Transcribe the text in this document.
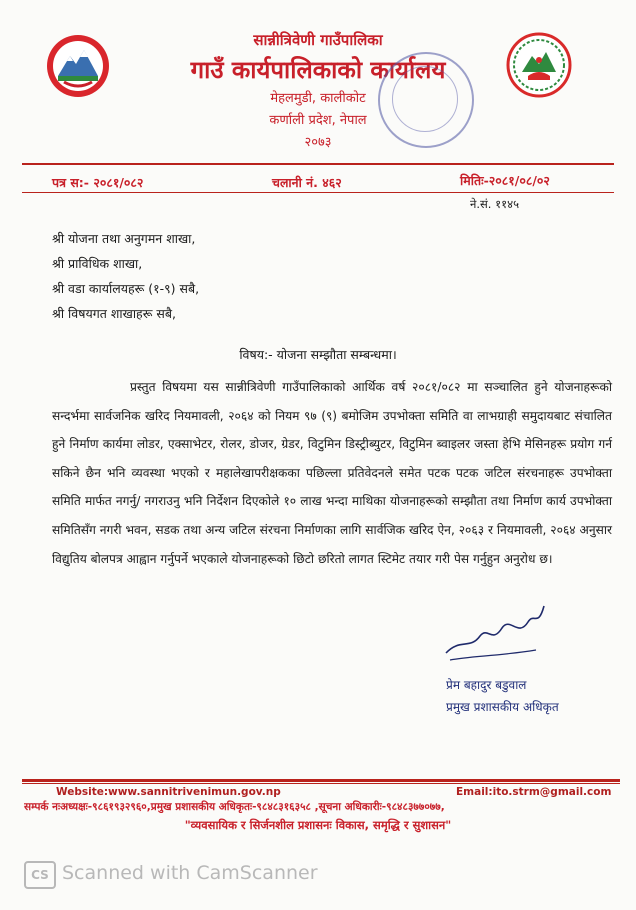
सान्नीत्रिवेणी गाउँपालिका
गाउँ कार्यपालिकाको कार्यालय
मेहलमुडी, कालीकोट
कर्णाली प्रदेश, नेपाल
२०७३
पत्र स:- २०८१/०८२	चलानी नं. ४६२	मितिः-२०८१/०८/०२
ने.सं. ११४५
श्री योजना तथा अनुगमन शाखा,
श्री प्राविधिक शाखा,
श्री वडा कार्यालयहरू (१-९) सबै,
श्री विषयगत शाखाहरू सबै,
विषय:- योजना सम्झौता सम्बन्धमा।
प्रस्तुत विषयमा यस सान्नीत्रिवेणी गाउँपालिकाको आर्थिक वर्ष २०८१/०८२ मा सञ्चालित हुने योजनाहरूको सन्दर्भमा सार्वजनिक खरिद नियमावली, २०६४ को नियम ९७ (९) बमोजिम उपभोक्ता समिति वा लाभग्राही समुदायबाट संचालित हुने निर्माण कार्यमा लोडर, एक्साभेटर, रोलर, डोजर, ग्रेडर, विटुमिन डिस्ट्रीब्युटर, विटुमिन ब्वाइलर जस्ता हेभि मेसिनहरू प्रयोग गर्न सकिने छैन भनि व्यवस्था भएको र महालेखापरीक्षकका पछिल्ला प्रतिवेदनले समेत पटक पटक जटिल संरचनाहरू उपभोक्ता समिति मार्फत नगर्नु/ नगराउनु भनि निर्देशन दिएकोले १० लाख भन्दा माथिका योजनाहरूको सम्झौता तथा निर्माण कार्य उपभोक्ता समितिसँग नगरी भवन, सडक तथा अन्य जटिल संरचना निर्माणका लागि सार्वजिक खरिद ऐन, २०६३ र नियमावली, २०६४ अनुसार विद्युतिय बोलपत्र आह्वान गर्नुपर्ने भएकाले योजनाहरूको छिटो छरितो लागत स्टिमेट तयार गरी पेस गर्नुहुन अनुरोध छ।
प्रेम बहादुर बडुवाल
प्रमुख प्रशासकीय अधिकृत
Website:www.sannitrivenimun.gov.np	Email:ito.strm@gmail.com
सम्पर्क नःअध्यक्षः-९८६१९३२९६०,प्रमुख प्रशासकीय अधिकृतः-९८४८३१६३५८ ,सूचना अधिकारीः-९८४८३७७०७७,
"व्यवसायिक र सिर्जनशील प्रशासनः विकास, समृद्धि र सुशासन"
CS Scanned with CamScanner
